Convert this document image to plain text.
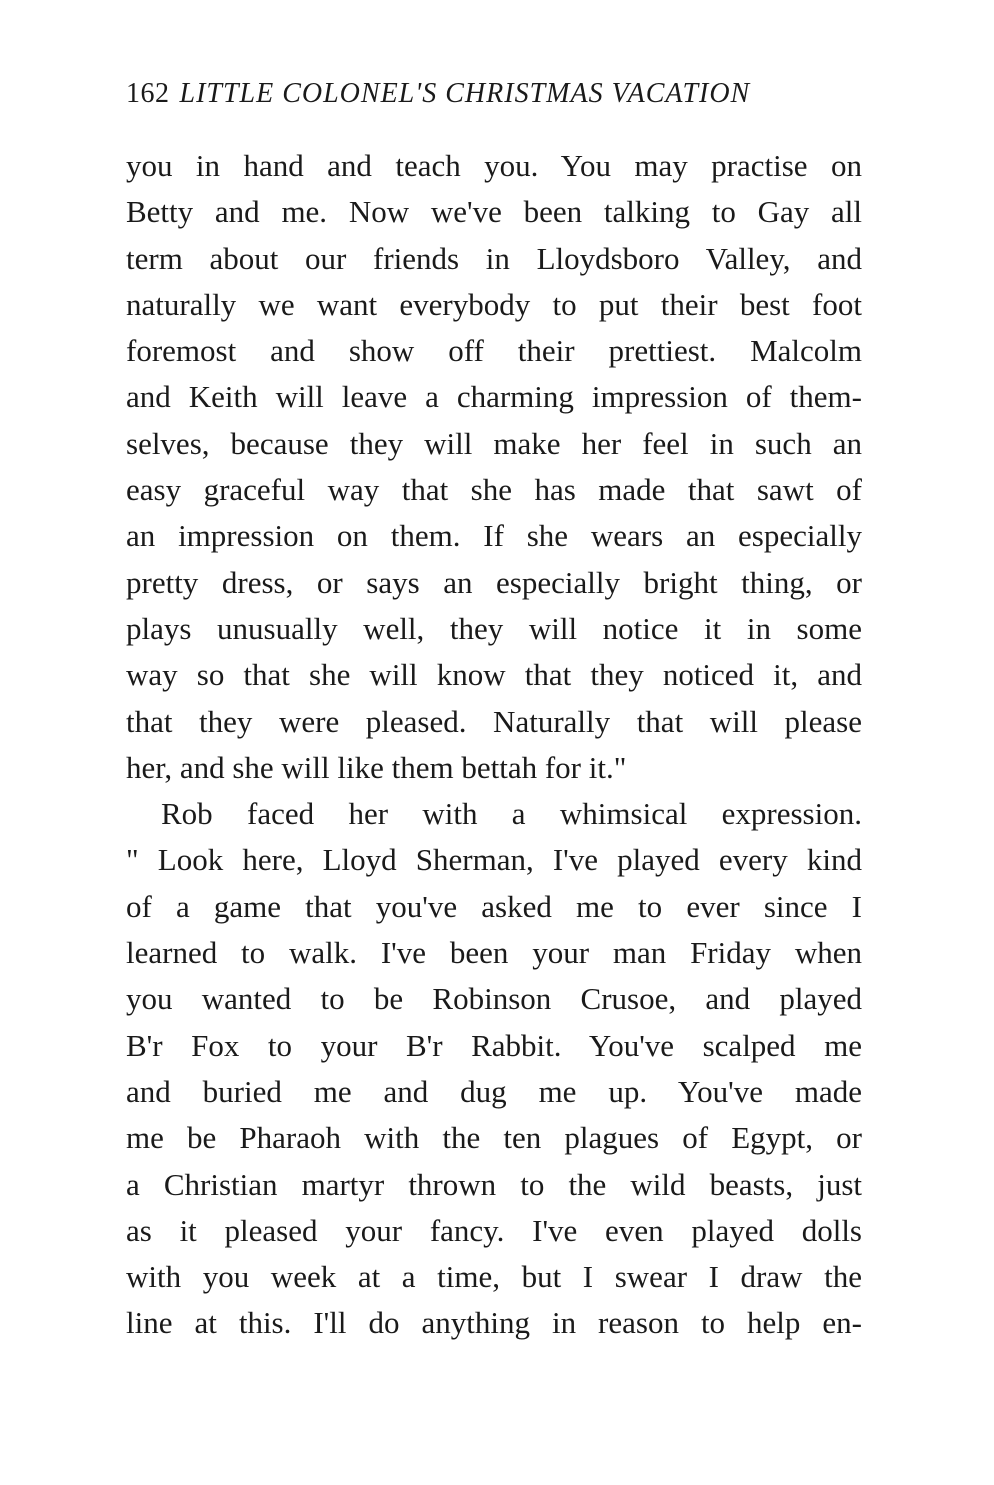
162 LITTLE COLONEL'S CHRISTMAS VACATION
you in hand and teach you. You may practise on
Betty and me. Now we've been talking to Gay all
term about our friends in Lloydsboro Valley, and
naturally we want everybody to put their best foot
foremost and show off their prettiest. Malcolm
and Keith will leave a charming impression of them-
selves, because they will make her feel in such an
easy graceful way that she has made that sawt of
an impression on them. If she wears an especially
pretty dress, or says an especially bright thing, or
plays unusually well, they will notice it in some
way so that she will know that they noticed it, and
that they were pleased. Naturally that will please
her, and she will like them bettah for it."
Rob faced her with a whimsical expression.
" Look here, Lloyd Sherman, I've played every kind
of a game that you've asked me to ever since I
learned to walk. I've been your man Friday when
you wanted to be Robinson Crusoe, and played
B'r Fox to your B'r Rabbit. You've scalped me
and buried me and dug me up. You've made
me be Pharaoh with the ten plagues of Egypt, or
a Christian martyr thrown to the wild beasts, just
as it pleased your fancy. I've even played dolls
with you week at a time, but I swear I draw the
line at this. I'll do anything in reason to help en-
